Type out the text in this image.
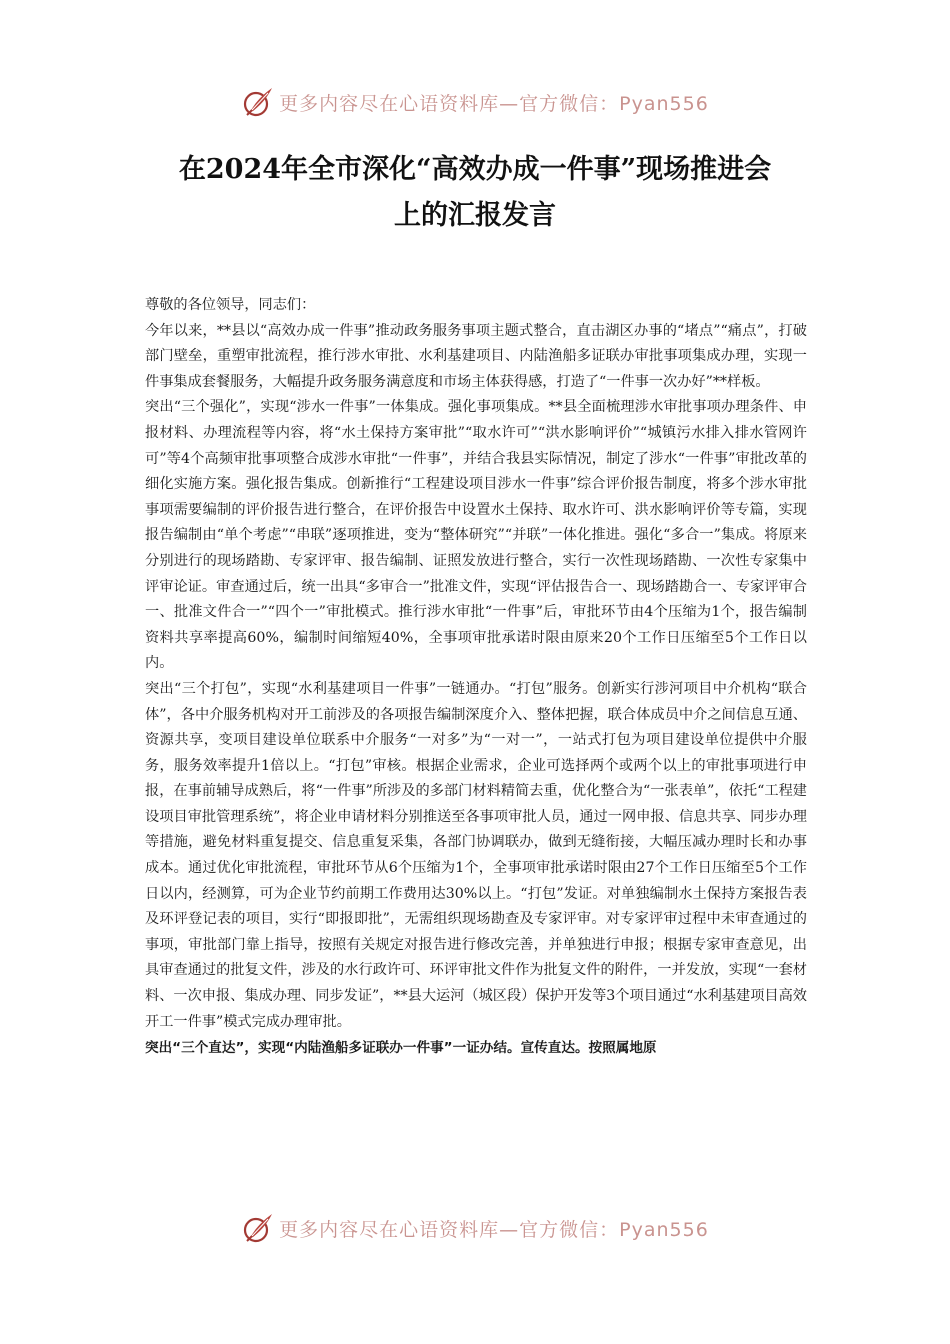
更多内容尽在心语资料库—官方微信：Pyan556
在2024年全市深化“高效办成一件事”现场推进会
上的汇报发言

尊敬的各位领导，同志们：

今年以来，**县以“高效办成一件事”推动政务服务事项主题式整合，直击湖区办事的“堵点”“痛点”，打破部门壁垒，重塑审批流程，推行涉水审批、水利基建项目、内陆渔船多证联办审批事项集成办理，实现一件事集成套餐服务，大幅提升政务服务满意度和市场主体获得感，打造了“一件事一次办好”**样板。

突出“三个强化”，实现“涉水一件事”一体集成。强化事项集成。**县全面梳理涉水审批事项办理条件、申报材料、办理流程等内容，将“水土保持方案审批”“取水许可”“洪水影响评价”“城镇污水排入排水管网许可”等4个高频审批事项整合成涉水审批“一件事”，并结合我县实际情况，制定了涉水“一件事”审批改革的细化实施方案。强化报告集成。创新推行“工程建设项目涉水一件事”综合评价报告制度，将多个涉水审批事项需要编制的评价报告进行整合，在评价报告中设置水土保持、取水许可、洪水影响评价等专篇，实现报告编制由“单个考虑”“串联”逐项推进，变为“整体研究”“并联”一体化推进。强化“多合一”集成。将原来分别进行的现场踏勘、专家评审、报告编制、证照发放进行整合，实行一次性现场踏勘、一次性专家集中评审论证。审查通过后，统一出具“多审合一”批准文件，实现“评估报告合一、现场踏勘合一、专家评审合一、批准文件合一”“四个一”审批模式。推行涉水审批“一件事”后，审批环节由4个压缩为1个，报告编制资料共享率提高60%，编制时间缩短40%，全事项审批承诺时限由原来20个工作日压缩至5个工作日以内。

突出“三个打包”，实现“水利基建项目一件事”一链通办。“打包”服务。创新实行涉河项目中介机构“联合体”，各中介服务机构对开工前涉及的各项报告编制深度介入、整体把握，联合体成员中介之间信息互通、资源共享，变项目建设单位联系中介服务“一对多”为“一对一”，一站式打包为项目建设单位提供中介服务，服务效率提升1倍以上。“打包”审核。根据企业需求，企业可选择两个或两个以上的审批事项进行申报，在事前辅导成熟后，将“一件事”所涉及的多部门材料精简去重，优化整合为“一张表单”，依托“工程建设项目审批管理系统”，将企业申请材料分别推送至各事项审批人员，通过一网申报、信息共享、同步办理等措施，避免材料重复提交、信息重复采集，各部门协调联办，做到无缝衔接，大幅压减办理时长和办事成本。通过优化审批流程，审批环节从6个压缩为1个，全事项审批承诺时限由27个工作日压缩至5个工作日以内，经测算，可为企业节约前期工作费用达30%以上。“打包”发证。对单独编制水土保持方案报告表及环评登记表的项目，实行“即报即批”，无需组织现场勘查及专家评审。对专家评审过程中未审查通过的事项，审批部门靠上指导，按照有关规定对报告进行修改完善，并单独进行申报；根据专家审查意见，出具审查通过的批复文件，涉及的水行政许可、环评审批文件作为批复文件的附件，一并发放，实现“一套材料、一次申报、集成办理、同步发证”，**县大运河（城区段）保护开发等3个项目通过“水利基建项目高效开工一件事”模式完成办理审批。

突出“三个直达”，实现“内陆渔船多证联办一件事”一证办结。宣传直达。按照属地原

更多内容尽在心语资料库—官方微信：Pyan556
